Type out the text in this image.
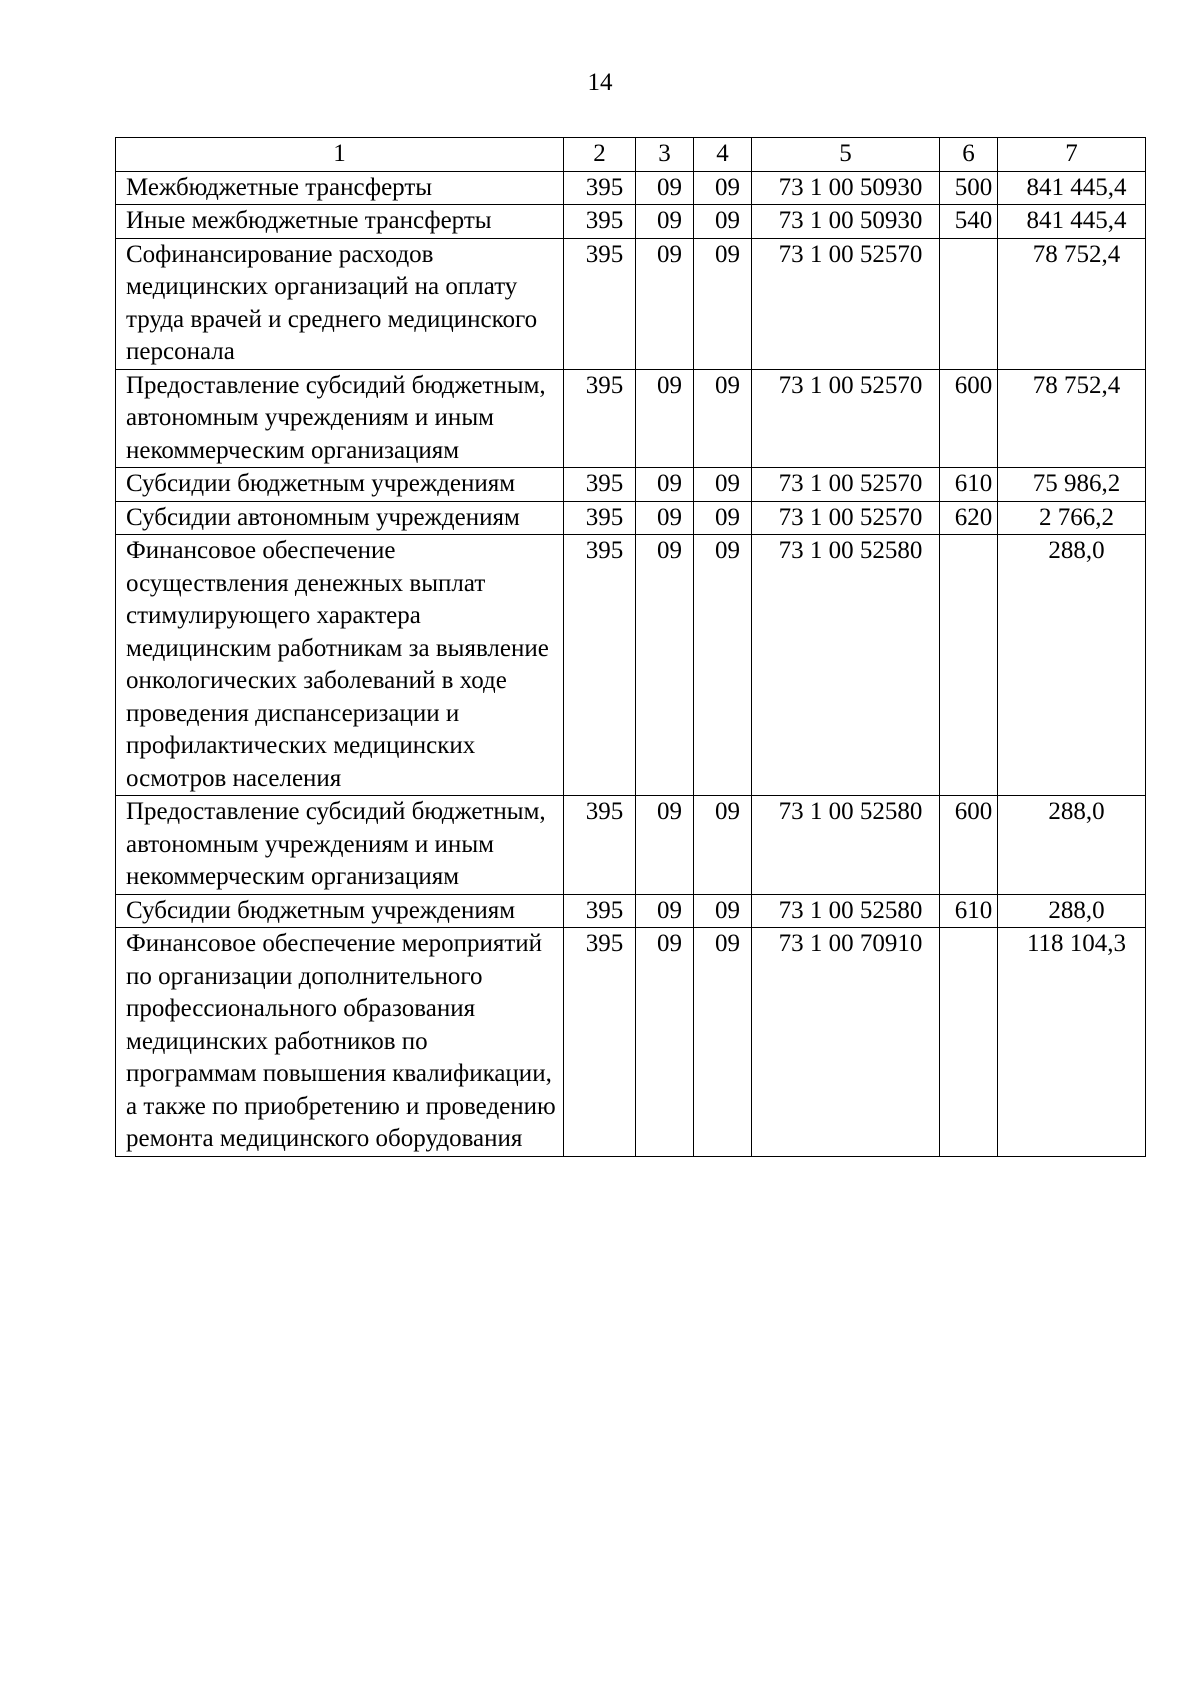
14
1	2	3	4	5	6	7
Межбюджетные трансферты	395	09	09	73 1 00 50930	500	841 445,4
Иные межбюджетные трансферты	395	09	09	73 1 00 50930	540	841 445,4
Софинансирование расходов медицинских организаций на оплату труда врачей и среднего медицинского персонала	395	09	09	73 1 00 52570		78 752,4
Предоставление субсидий бюджетным, автономным учреждениям и иным некоммерческим организациям	395	09	09	73 1 00 52570	600	78 752,4
Субсидии бюджетным учреждениям	395	09	09	73 1 00 52570	610	75 986,2
Субсидии автономным учреждениям	395	09	09	73 1 00 52570	620	2 766,2
Финансовое обеспечение осуществления денежных выплат стимулирующего характера медицинским работникам за выявление онкологических заболеваний в ходе проведения диспансеризации и профилактических медицинских осмотров населения	395	09	09	73 1 00 52580		288,0
Предоставление субсидий бюджетным, автономным учреждениям и иным некоммерческим организациям	395	09	09	73 1 00 52580	600	288,0
Субсидии бюджетным учреждениям	395	09	09	73 1 00 52580	610	288,0
Финансовое обеспечение мероприятий по организации дополнительного профессионального образования медицинских работников по программам повышения квалификации, а также по приобретению и проведению ремонта медицинского оборудования	395	09	09	73 1 00 70910		118 104,3
